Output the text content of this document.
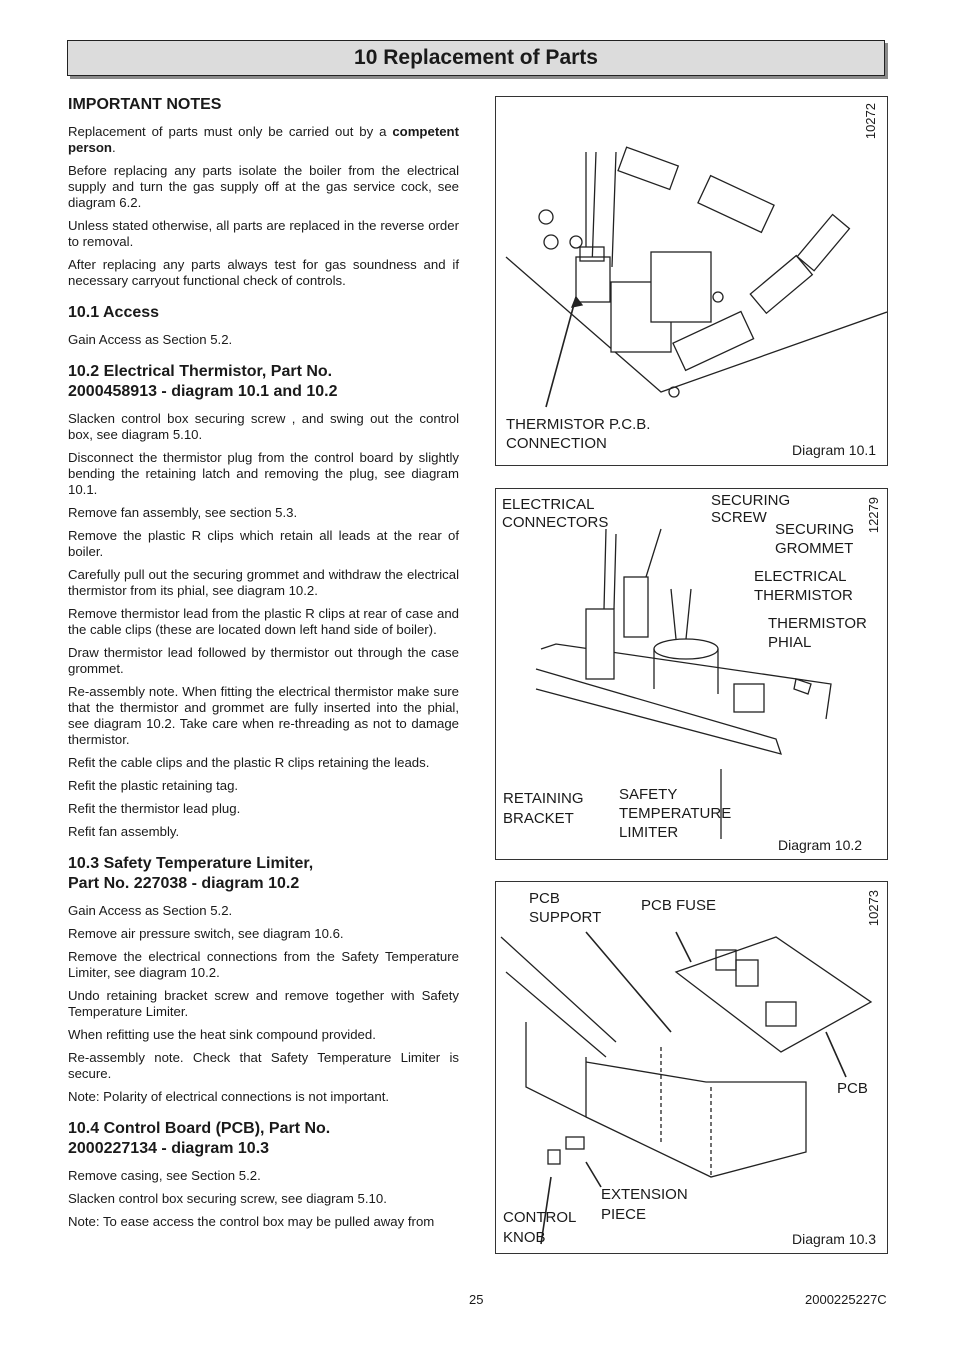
10 Replacement of Parts
IMPORTANT NOTES

Replacement of parts must only be carried out by a competent person.

Before replacing any parts isolate the boiler from the electrical supply and turn the gas supply off at the gas service cock, see diagram 6.2.

Unless stated otherwise, all parts are replaced in the reverse order to removal.

After replacing any parts always test for gas soundness and if necessary carryout functional check of controls.

10.1 Access

Gain Access as Section 5.2.

10.2 Electrical Thermistor, Part No.
2000458913 - diagram 10.1 and 10.2

Slacken control box securing screw , and swing out the control box, see diagram 5.10.

Disconnect the thermistor plug from the control board by slightly bending the retaining latch and removing the plug, see diagram 10.1.

Remove fan assembly, see section 5.3.

Remove the plastic R clips which retain all leads at the rear of boiler.

Carefully pull out the securing grommet and withdraw the electrical thermistor from its phial, see diagram 10.2.

Remove thermistor lead from the plastic R clips at rear of case and the cable clips (these are located down left hand side of boiler).

Draw thermistor lead followed by thermistor out through the case grommet.

Re-assembly note. When fitting the electrical thermistor make sure that the thermistor and grommet are fully inserted into the phial, see diagram 10.2. Take care when re-threading as not to damage thermistor.

Refit the cable clips and the plastic R clips retaining the leads.

Refit the plastic retaining tag.

Refit the thermistor lead plug.

Refit fan assembly.

10.3 Safety Temperature Limiter,
Part No. 227038 - diagram 10.2

Gain Access as Section 5.2.

Remove air pressure switch, see diagram 10.6.

Remove the electrical connections from the Safety Temperature Limiter, see diagram 10.2.

Undo retaining bracket screw and remove together with Safety Temperature Limiter.

When refitting use the heat sink compound provided.

Re-assembly note. Check that Safety Temperature Limiter is secure.

Note: Polarity of electrical connections is not important.

10.4 Control Board (PCB), Part No.
2000227134 - diagram 10.3

Remove casing, see Section 5.2.

Slacken control box securing screw, see diagram 5.10.

Note: To ease access the control box may be pulled away from

10272
THERMISTOR P.C.B.
CONNECTION	Diagram 10.1
12279
ELECTRICAL
CONNECTORS
SECURING
SCREW
SECURING
GROMMET
ELECTRICAL
THERMISTOR
THERMISTOR
PHIAL
RETAINING
BRACKET
SAFETY
TEMPERATURE
LIMITER
Diagram 10.2
10273
PCB
SUPPORT
PCB FUSE
PCB
EXTENSION
PIECE
CONTROL
KNOB	Diagram 10.3
25	2000225227C
